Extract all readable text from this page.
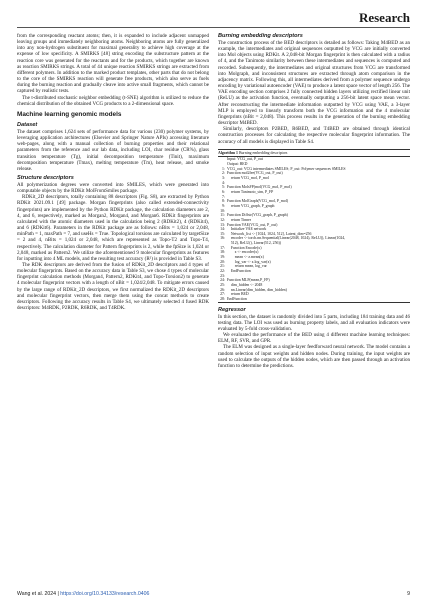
Research

from the corresponding reactant atoms; then, it is expanded to include adjacent unmapped leaving groups and immediately neighboring atoms. Neighboring atoms are fully generalized into any non-hydrogen substituent for maximal generality to achieve high coverage at the expense of low specificity. A SMIRKS [48] string encoding the substructure pattern at the reaction core was generated for the reactants and for the products, which together are known as reaction SMIRKS strings. A total of 44 unique reaction SMIRKS strings are extracted from different polymers. In addition to the marked product templates, other parts that do not belong to the core of the SMIRKS reaction will generate free products, which also serve as fuels during the burning reaction and gradually cleave into active small fragments, which cannot be captured by realistic tests.

The t-distributed stochastic neighbor embedding (t-SNE) algorithm is utilized to reduce the chemical distribution of the obtained VCG products to a 2-dimensional space.

Machine learning genomic models
Dataset

The dataset comprises 1,624 sets of performance data for various (230) polymer systems, by leveraging application architectures (Elsevier and Springer Nature APIs) accessing literature web-pages, along with a manual collection of burning properties and their relational parameters from the reference and our lab data, including LOI, char residue (CR%), glass transition temperature (Tg), initial decomposition temperature (Tinit), maximum decomposition temperature (Tmax), melting temperature (Tm), heat release, and smoke release.

Structure descriptors

All polymerization degrees were converted into SMILES, which were generated into computable objects by the RDKit MolFromSmiles package.

RDKit_2D descriptors, totally containing 88 descriptors (Fig. S8), are extracted by Python RDKit 2021.09.1 [49] package. Morgan fingerprints (also called extended-connectivity fingerprints) are implemented by the Python RDKit package, the calculation diameters are 2, 4, and 6, respectively, marked as Morgan2, Morgan4, and Morgan6. RDKit fingerprints are calculated with the atomic diameters used in the calculation being 2 (RDKit2), 4 (RDKit4), and 6 (RDKit6). Parameters in the RDKit package are as follows: nBits = 1,024 or 2,048, minPath = 1, maxPath = 7, and useHs = True. Topological torsions are calculated by targetSize = 2 and 4, nBits = 1,024 or 2,048, which are represented as Topo-T2 and Topo-T4, respectively. The calculation diameter for Pattern fingerprints is 2, while the fpSize is 1,024 or 2,048, marked as Pattern2. We utilize the aforementioned 9 molecular fingerprints as features for inputting into 4 ML models, and the resulting test accuracy (R²) is provided in Table S3.

The RDK descriptors are derived from the fusion of RDKit_2D descriptors and 4 types of molecular fingerprints. Based on the accuracy data in Table S3, we chose 4 types of molecular fingerprint calculation methods (Morgan4, Pattern2, RDKit4, and Topo-Torsion2) to generate 4 molecular fingerprint vectors with a length of nBit = 1,024/2,048. To mitigate errors caused by the large range of RDKit_2D descriptors, we first normalized the RDKit_2D descriptors and molecular fingerprint vectors, then merge them using the concat methods to create descriptors. Following the accuracy results in Table S4, we ultimately selected 4 fused RDK descriptors: M4RDK, P2RDK, R6RDK, and T4RDK.

Burning embedding descriptors

The construction process of the BED descriptors is detailed as follows: Taking M4BED as an example, the intermediates and original sequences outputted by VCG are initially converted into Mol objects using RDKit. A 2,048-bit Morgan fingerprint is then calculated with a radius of 4, and the Tanimoto similarity between these intermediates and sequences is computed and recorded. Subsequently, the intermediates and original structures from VCG are transformed into Molgraph, and inconsistent structures are extracted through atom comparison in the adjacency matrix. Following this, all intermediates derived from a polymer sequence undergo encoding by variational autoencoder (VAE) to produce a latent space vector of length 256. The VAE encoding section comprises 2 fully connected hidden layers utilizing rectified linear unit (ReLU) as the activation function, eventually outputting a 256-bit latent space mean vector. After reconstructing the intermediate information outputted by VCG using VAE, a 3-layer MLP is employed to linearly transform both the VCG information and the 4 molecular fingerprints (nBit = 2,048). This process results in the generation of the burning embedding descriptor M4BED.

Similarly, descriptors P2BED, R6BED, and T4BED are obtained through identical construction processes for calculating the respective molecular fingerprint information. The accuracy of all models is displayed in Table S4.

Algorithm 1 Burning embedding descriptors
Input: VCG_out, P_out
Output: BED
1: VCG_out: VCG intermediates SMILES; P_out: Polymer sequences SMILES
2: Function mol2fee(VCG_out, P_out)
3:    return VCG_mol, P_mol
4:
5: Function MolsFP(mol(VCG_mol, P_mol)
6:    return Tanimoto_sim, P_FP
7:
8: Function MolGraph(VCG_mol, P_mol)
9:    return VCG_graph, P_graph
10:
11: Function Diffstr(VCG_graph, P_graph)
12:    return Tinner
13: Function VAE(VCG_out, P_out)
14:    Initialize VAE network
15:    Network_list <- [1024, 1024, 512], Latent_dim=256
16:    encoder <- torch.nn.Sequential(Linear(2048, 1024), ReLU(), Linear(1024,
512), ReLU(), Linear(512, 256))
17:    Function Encode(x)
18:        z <- encoder(x)
19:        mean <- z.mean(x)
20:        log_var <- z.log_var(x)
21:        return mean, log_var
22:    EndFunction
23:
24: Function MLP(mean,P_FP)
25:    dim_hidden <- 2048
26:    nn.Linear(dim_hidden, dim_hidden)
27:    return BED
28: EndFunction
Regressor

In this section, the dataset is randomly divided into 5 parts, including 184 training data and 46 testing data. The LOI was used as burning property labels, and all evaluation indicators were evaluated by 5-fold cross-validation.

We evaluated the performance of the BED using 4 different machine learning techniques: ELM, RF, SVR, and GPR.

The ELM was designed as a single-layer feedforward neural network. The model contains a random selection of input weights and hidden nodes. During training, the input weights are used to calculate the outputs of the hidden nodes, which are then passed through an activation function to determine the predictions.

Wang et al. 2024 | https://doi.org/10.34133/research.0406	9
